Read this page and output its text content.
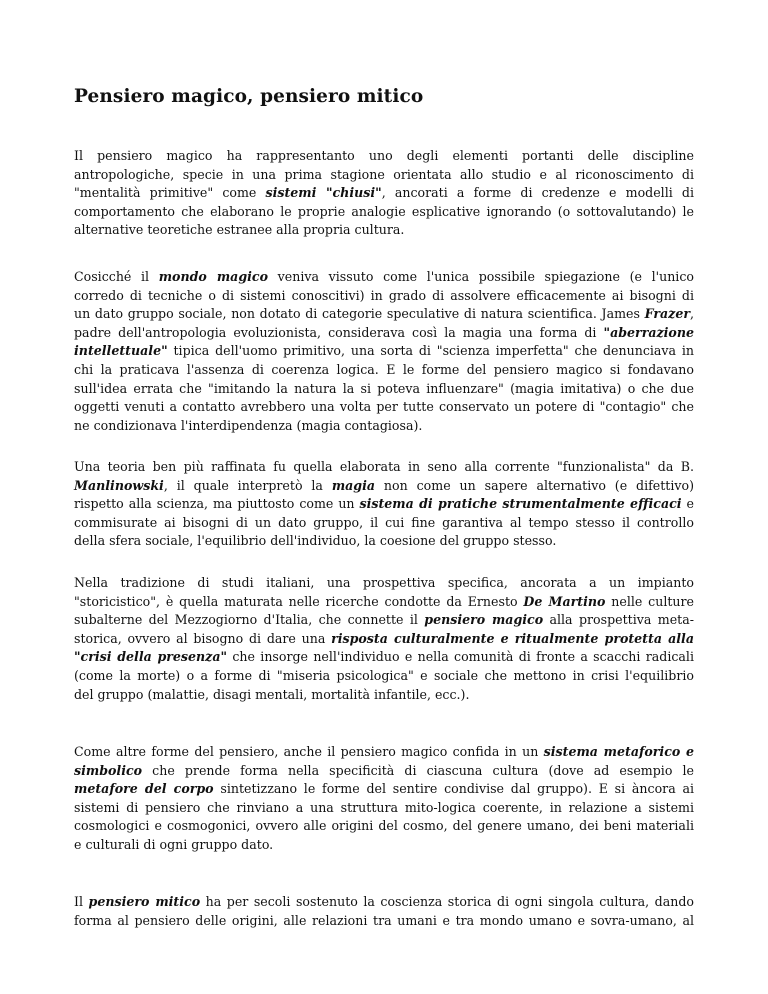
Pensiero magico, pensiero mitico
Il pensiero magico ha rappresentanto uno degli elementi portanti delle discipline
antropologiche, specie in una prima stagione orientata allo studio e al riconoscimento di
"mentalità primitive" come sistemi "chiusi", ancorati a forme di credenze e modelli di
comportamento che elaborano le proprie analogie esplicative ignorando (o sottovalutando) le
alternative teoretiche estranee alla propria cultura.
Cosicché il mondo magico veniva vissuto come l'unica possibile spiegazione (e l'unico
corredo di tecniche o di sistemi conoscitivi) in grado di assolvere efficacemente ai bisogni di
un dato gruppo sociale, non dotato di categorie speculative di natura scientifica. James Frazer,
padre dell'antropologia evoluzionista, considerava così la magia una forma di "aberrazione
intellettuale" tipica dell'uomo primitivo, una sorta di "scienza imperfetta" che denunciava in
chi la praticava l'assenza di coerenza logica. E le forme del pensiero magico si fondavano
sull'idea errata che "imitando la natura la si poteva influenzare" (magia imitativa) o che due
oggetti venuti a contatto avrebbero una volta per tutte conservato un potere di "contagio" che
ne condizionava l'interdipendenza (magia contagiosa).
Una teoria ben più raffinata fu quella elaborata in seno alla corrente "funzionalista" da B.
Manlinowski, il quale interpretò la magia non come un sapere alternativo (e difettivo)
rispetto alla scienza, ma piuttosto come un sistema di pratiche strumentalmente efficaci e
commisurate ai bisogni di un dato gruppo, il cui fine garantiva al tempo stesso il controllo
della sfera sociale, l'equilibrio dell'individuo, la coesione del gruppo stesso.
Nella tradizione di studi italiani, una prospettiva specifica, ancorata a un impianto
"storicistico", è quella maturata nelle ricerche condotte da Ernesto De Martino nelle culture
subalterne del Mezzogiorno d'Italia, che connette il pensiero magico alla prospettiva meta-
storica, ovvero al bisogno di dare una risposta culturalmente e ritualmente protetta alla
"crisi della presenza" che insorge nell'individuo e nella comunità di fronte a scacchi radicali
(come la morte) o a forme di "miseria psicologica" e sociale che mettono in crisi l'equilibrio
del gruppo (malattie, disagi mentali, mortalità infantile, ecc.).
Come altre forme del pensiero, anche il pensiero magico confida in un sistema metaforico e
simbolico che prende forma nella specificità di ciascuna cultura (dove ad esempio le
metafore del corpo sintetizzano le forme del sentire condivise dal gruppo). E si àncora ai
sistemi di pensiero che rinviano a una struttura mito-logica coerente, in relazione a sistemi
cosmologici e cosmogonici, ovvero alle origini del cosmo, del genere umano, dei beni materiali
e culturali di ogni gruppo dato.
Il pensiero mitico ha per secoli sostenuto la coscienza storica di ogni singola cultura, dando
forma al pensiero delle origini, alle relazioni tra umani e tra mondo umano e sovra-umano, al
